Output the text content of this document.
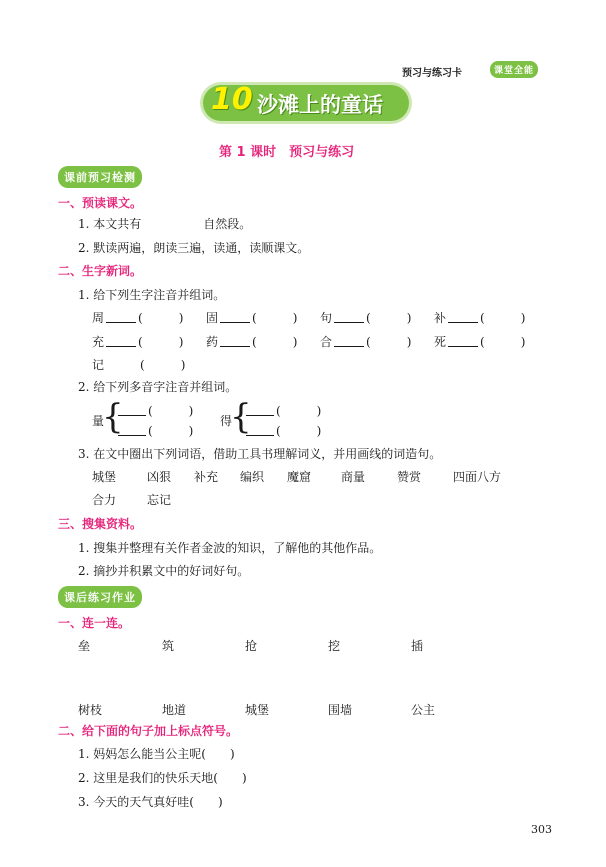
预习与练习卡	课堂全能
10 沙滩上的童话
第 1 课时　预习与练习
课前预习检测
一、预读课文。
1. 本文共有	自然段。
2. 默读两遍，朗读三遍，读通，读顺课文。
二、生字新词。
1. 给下列生字注音并组词。
周	(　　　) 固	(　　　) 句	(　　　) 补	(　　　)
充	(　　　) 药	(　　　) 合	(　　　) 死	(　　　)
记	(　　　)
2. 给下列多音字注音并组词。
量
{	(　　　)
(　　　)
得
{	(　　　)
(　　　)
3. 在文中圈出下列词语，借助工具书理解词义，并用画线的词造句。
城堡	凶狠 补充 编织 魔窟 商量	赞赏	四面八方
合力	忘记
三、搜集资料。
1. 搜集并整理有关作者金波的知识，了解他的其他作品。
2. 摘抄并积累文中的好词好句。
课后练习作业
一、连一连。
垒	筑	抢	挖	插
树枝	地道	城堡	围墙	公主
二、给下面的句子加上标点符号。
1. 妈妈怎么能当公主呢(　　)
2. 这里是我们的快乐天地(　　)
3. 今天的天气真好哇(　　)
303
